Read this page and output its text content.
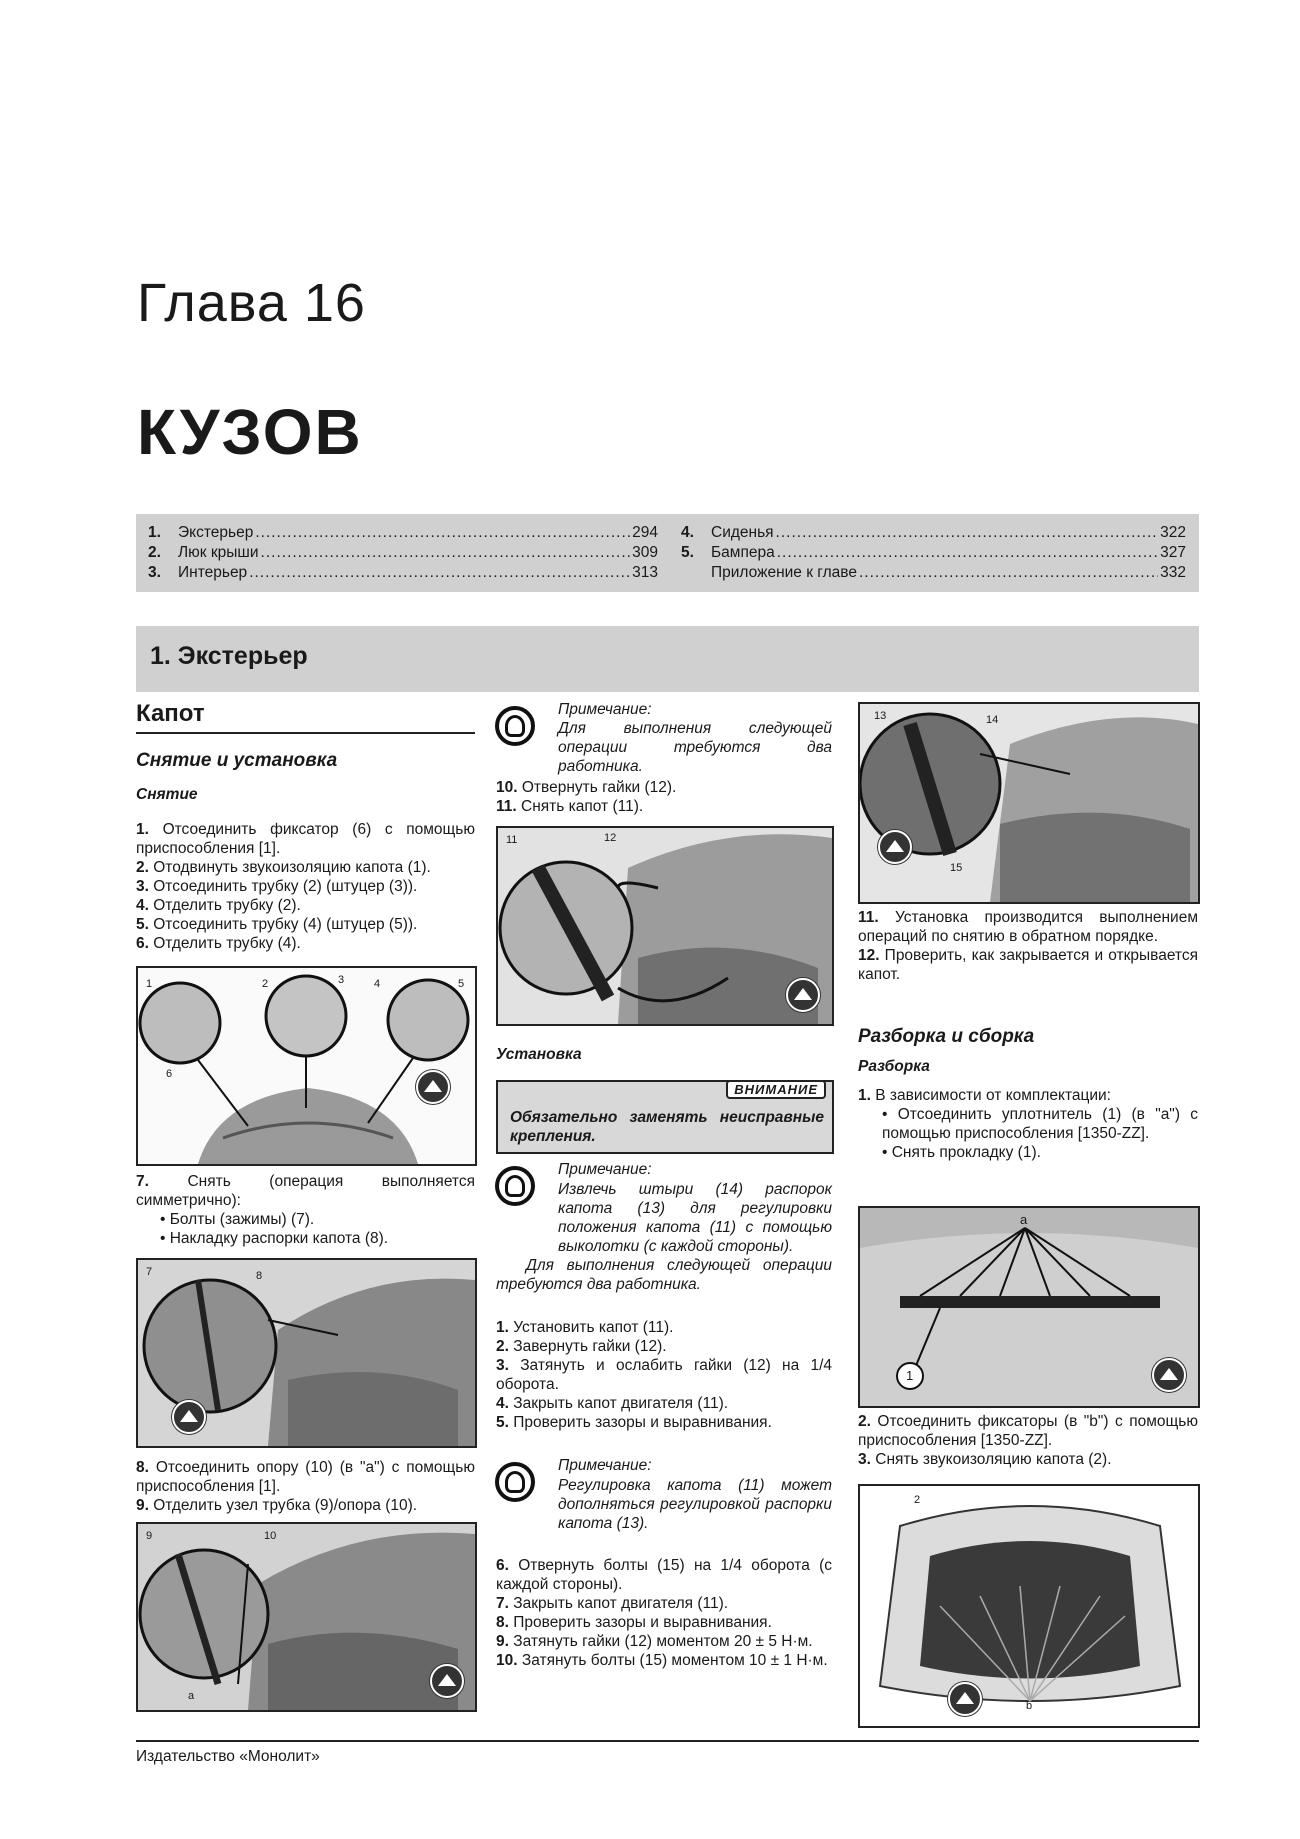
Глава 16
КУЗОВ
1.	Экстерьер .....	294
2.	Люк крыши .....	309
3.	Интерьер .....	313
4.	Сиденья .....	322
5.	Бампера .....	327
Приложение к главе .....	332
1. Экстерьер
Капот
Снятие и установка
Снятие
1. Отсоединить фиксатор (6) с помощью приспособления [1].
2. Отодвинуть звукоизоляцию капота (1).
3. Отсоединить трубку (2) (штуцер (3)).
4. Отделить трубку (2).
5. Отсоединить трубку (4) (штуцер (5)).
6. Отделить трубку (4).
1	2	3	4	5
6
7. Снять (операция выполняется симметрично):
• Болты (зажимы) (7).
• Накладку распорки капота (8).
7	8
8. Отсоединить опору (10) (в "а") с помощью приспособления [1].
9. Отделить узел трубка (9)/опора (10).
9	10
a
Примечание:
Для выполнения следующей операции требуются два работника.
10. Отвернуть гайки (12).
11. Снять капот (11).
11	12
Установка
ВНИМАНИЕ
Обязательно заменять неисправные крепления.
Примечание:
Извлечь штыри (14) распорок капота (13) для регулировки положения капота (11) с помощью выколотки (с каждой стороны).
Для выполнения следующей операции требуются два работника.
1. Установить капот (11).
2. Завернуть гайки (12).
3. Затянуть и ослабить гайки (12) на 1/4 оборота.
4. Закрыть капот двигателя (11).
5. Проверить зазоры и выравнивания.
Примечание:
Регулировка капота (11) может дополняться регулировкой распорки капота (13).
6. Отвернуть болты (15) на 1/4 оборота (с каждой стороны).
7. Закрыть капот двигателя (11).
8. Проверить зазоры и выравнивания.
9. Затянуть гайки (12) моментом 20 ± 5 Н·м.
10. Затянуть болты (15) моментом 10 ± 1 Н·м.
13	14
15
11. Установка производится выполнением операций по снятию в обратном порядке.
12. Проверить, как закрывается и открывается капот.
Разборка и сборка
Разборка
1. В зависимости от комплектации:
• Отсоединить уплотнитель (1) (в "а") с помощью приспособления [1350-ZZ].
• Снять прокладку (1).
a
1
2. Отсоединить фиксаторы (в "b") с помощью приспособления [1350-ZZ].
3. Снять звукоизоляцию капота (2).
2
b
Издательство «Монолит»
